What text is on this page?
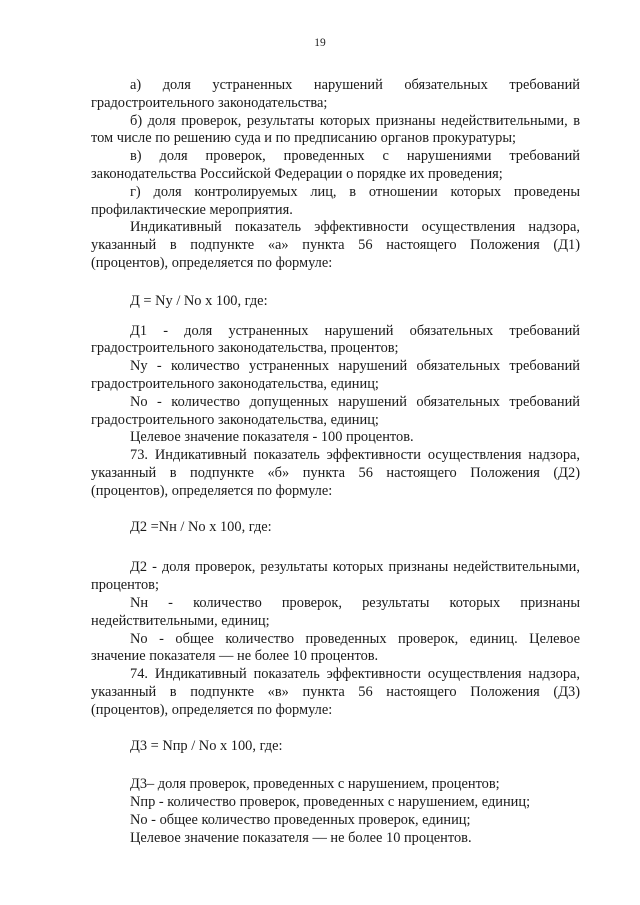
19

а) доля устраненных нарушений обязательных требований градостроительного законодательства;

б) доля проверок, результаты которых признаны недействительными, в том числе по решению суда и по предписанию органов прокуратуры;

в) доля проверок, проведенных с нарушениями требований законодательства Российской Федерации о порядке их проведения;

г) доля контролируемых лиц, в отношении которых проведены профилактические мероприятия.

Индикативный показатель эффективности осуществления надзора, указанный в подпункте «а» пункта 56 настоящего Положения (Д1) (процентов), определяется по формуле:

Д = Nу / Nо х 100, где:

Д1 - доля устраненных нарушений обязательных требований градостроительного законодательства, процентов;

Nу - количество устраненных нарушений обязательных требований градостроительного законодательства, единиц;

Nо - количество допущенных нарушений обязательных требований градостроительного законодательства, единиц;

Целевое значение показателя - 100 процентов.

73. Индикативный показатель эффективности осуществления надзора, указанный в подпункте «б» пункта 56 настоящего Положения (Д2) (процентов), определяется по формуле:

Д2 =Nн / Nо х 100, где:

Д2 - доля проверок, результаты которых признаны недействительными, процентов;

Nн - количество проверок, результаты которых признаны недействительными, единиц;

Nо - общее количество проведенных проверок, единиц. Целевое значение показателя — не более 10 процентов.

74. Индикативный показатель эффективности осуществления надзора, указанный в подпункте «в» пункта 56 настоящего Положения (Д3) (процентов), определяется по формуле:

Д3 = Nпр / Nо х 100, где:

Д3– доля проверок, проведенных с нарушением, процентов;

Nпр - количество проверок, проведенных с нарушением, единиц;

Nо - общее количество проведенных проверок, единиц;

Целевое значение показателя — не более 10 процентов.
